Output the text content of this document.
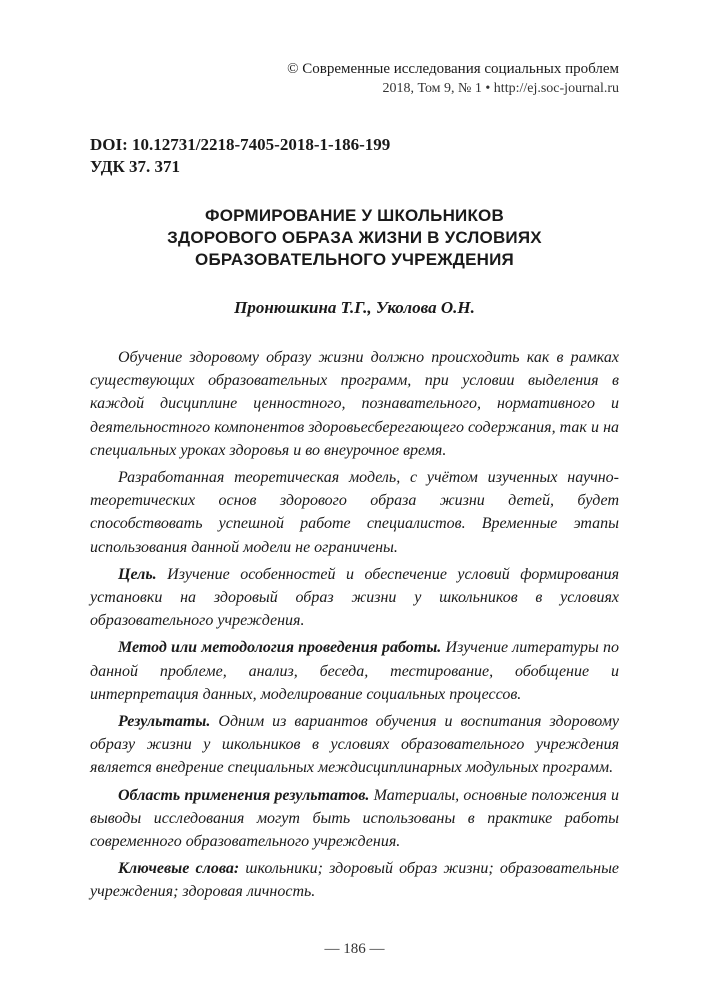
© Современные исследования социальных проблем
2018, Том 9, № 1 • http://ej.soc-journal.ru
DOI: 10.12731/2218-7405-2018-1-186-199
УДК 37. 371
ФОРМИРОВАНИЕ У ШКОЛЬНИКОВ
ЗДОРОВОГО ОБРАЗА ЖИЗНИ В УСЛОВИЯХ
ОБРАЗОВАТЕЛЬНОГО УЧРЕЖДЕНИЯ
Пронюшкина Т.Г., Уколова О.Н.

Обучение здоровому образу жизни должно происходить как в рамках существующих образовательных программ, при условии выделения в каждой дисциплине ценностного, познавательного, нормативного и деятельностного компонентов здоровьесберегающего содержания, так и на специальных уроках здоровья и во внеурочное время.

Разработанная теоретическая модель, с учётом изученных научно-теоретических основ здорового образа жизни детей, будет способствовать успешной работе специалистов. Временные этапы использования данной модели не ограничены.

Цель. Изучение особенностей и обеспечение условий формирования установки на здоровый образ жизни у школьников в условиях образовательного учреждения.

Метод или методология проведения работы. Изучение литературы по данной проблеме, анализ, беседа, тестирование, обобщение и интерпретация данных, моделирование социальных процессов.

Результаты. Одним из вариантов обучения и воспитания здоровому образу жизни у школьников в условиях образовательного учреждения является внедрение специальных междисциплинарных модульных программ.

Область применения результатов. Материалы, основные положения и выводы исследования могут быть использованы в практике работы современного образовательного учреждения.

Ключевые слова: школьники; здоровый образ жизни; образовательные учреждения; здоровая личность.

— 186 —
